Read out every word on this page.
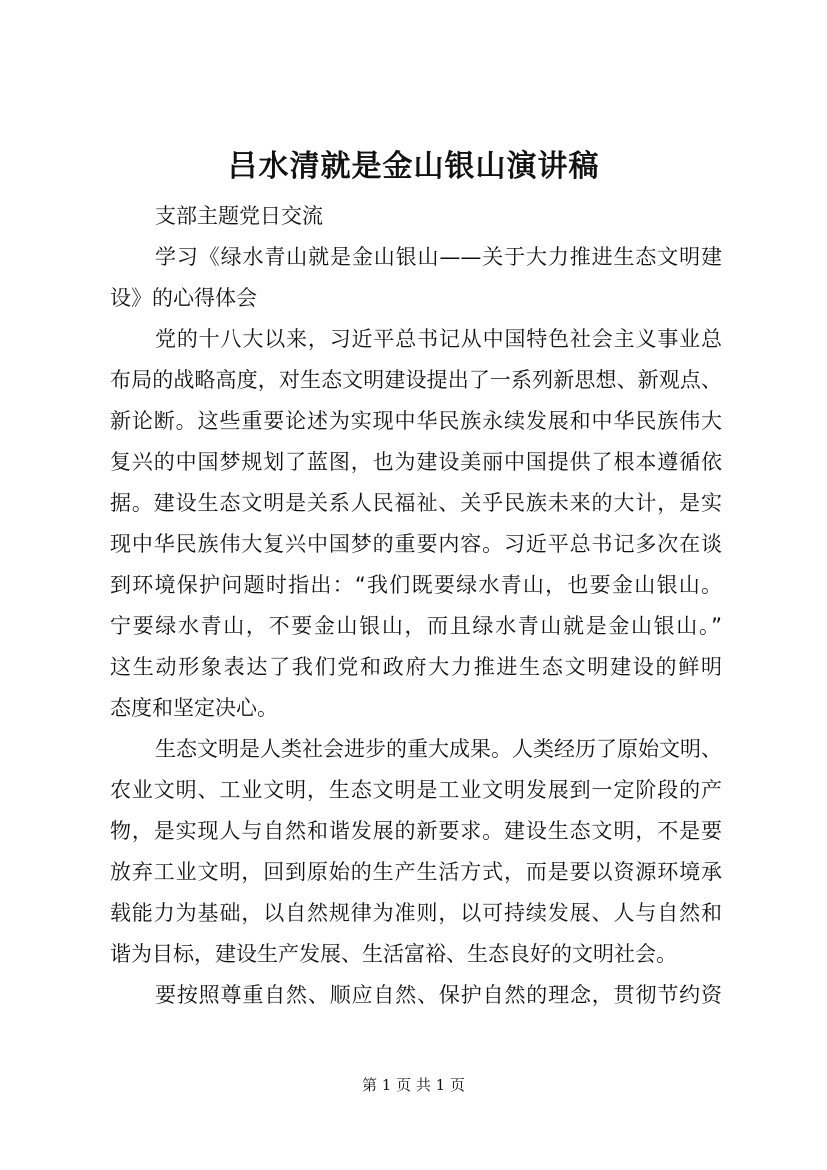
吕水清就是金山银山演讲稿
支部主题党日交流
学习《绿水青山就是金山银山——关于大力推进生态文明建
设》的心得体会
党的十八大以来，习近平总书记从中国特色社会主义事业总
布局的战略高度，对生态文明建设提出了一系列新思想、新观点、
新论断。这些重要论述为实现中华民族永续发展和中华民族伟大
复兴的中国梦规划了蓝图，也为建设美丽中国提供了根本遵循依
据。建设生态文明是关系人民福祉、关乎民族未来的大计，是实
现中华民族伟大复兴中国梦的重要内容。习近平总书记多次在谈
到环境保护问题时指出：“我们既要绿水青山，也要金山银山。
宁要绿水青山，不要金山银山，而且绿水青山就是金山银山。”
这生动形象表达了我们党和政府大力推进生态文明建设的鲜明
态度和坚定决心。
生态文明是人类社会进步的重大成果。人类经历了原始文明、
农业文明、工业文明，生态文明是工业文明发展到一定阶段的产
物，是实现人与自然和谐发展的新要求。建设生态文明，不是要
放弃工业文明，回到原始的生产生活方式，而是要以资源环境承
载能力为基础，以自然规律为准则，以可持续发展、人与自然和
谐为目标，建设生产发展、生活富裕、生态良好的文明社会。
要按照尊重自然、顺应自然、保护自然的理念，贯彻节约资
第 1 页 共 1 页
